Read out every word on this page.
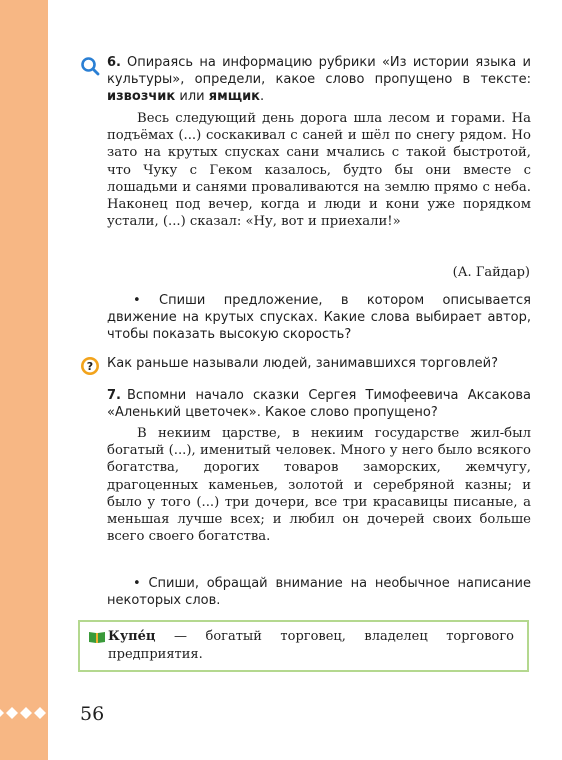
6. Опираясь на информацию рубрики «Из истории языка и культуры», определи, какое слово пропущено в тексте: извозчик или ямщик.

Весь следующий день дорога шла лесом и горами. На подъёмах (...) соскакивал с саней и шёл по снегу рядом. Но зато на крутых спусках сани мчались с такой быстротой, что Чуку с Геком казалось, будто бы они вместе с лошадьми и санями проваливаются на землю прямо с неба. Наконец под вечер, когда и люди и кони уже порядком устали, (...) сказал: «Ну, вот и приехали!»

(А. Гайдар)
• Спиши предложение, в котором описывается движение на крутых спусках. Какие слова выбирает автор, чтобы показать высокую скорость?
? Как раньше называли людей, занимавшихся торговлей?
7. Вспомни начало сказки Сергея Тимофеевича Аксакова «Аленький цветочек». Какое слово пропущено?

В некиим царстве, в некиим государстве жил-был богатый (...), именитый человек. Много у него было всякого богатства, дорогих товаров заморских, жемчугу, драгоценных каменьев, золотой и серебряной казны; и было у того (...) три дочери, все три красавицы писаные, а меньшая лучше всех; и любил он дочерей своих больше всего своего богатства.

• Спиши, обращай внимание на необычное написание некоторых слов.
Купе́ц — богатый торговец, владелец торгового предприятия.
56
